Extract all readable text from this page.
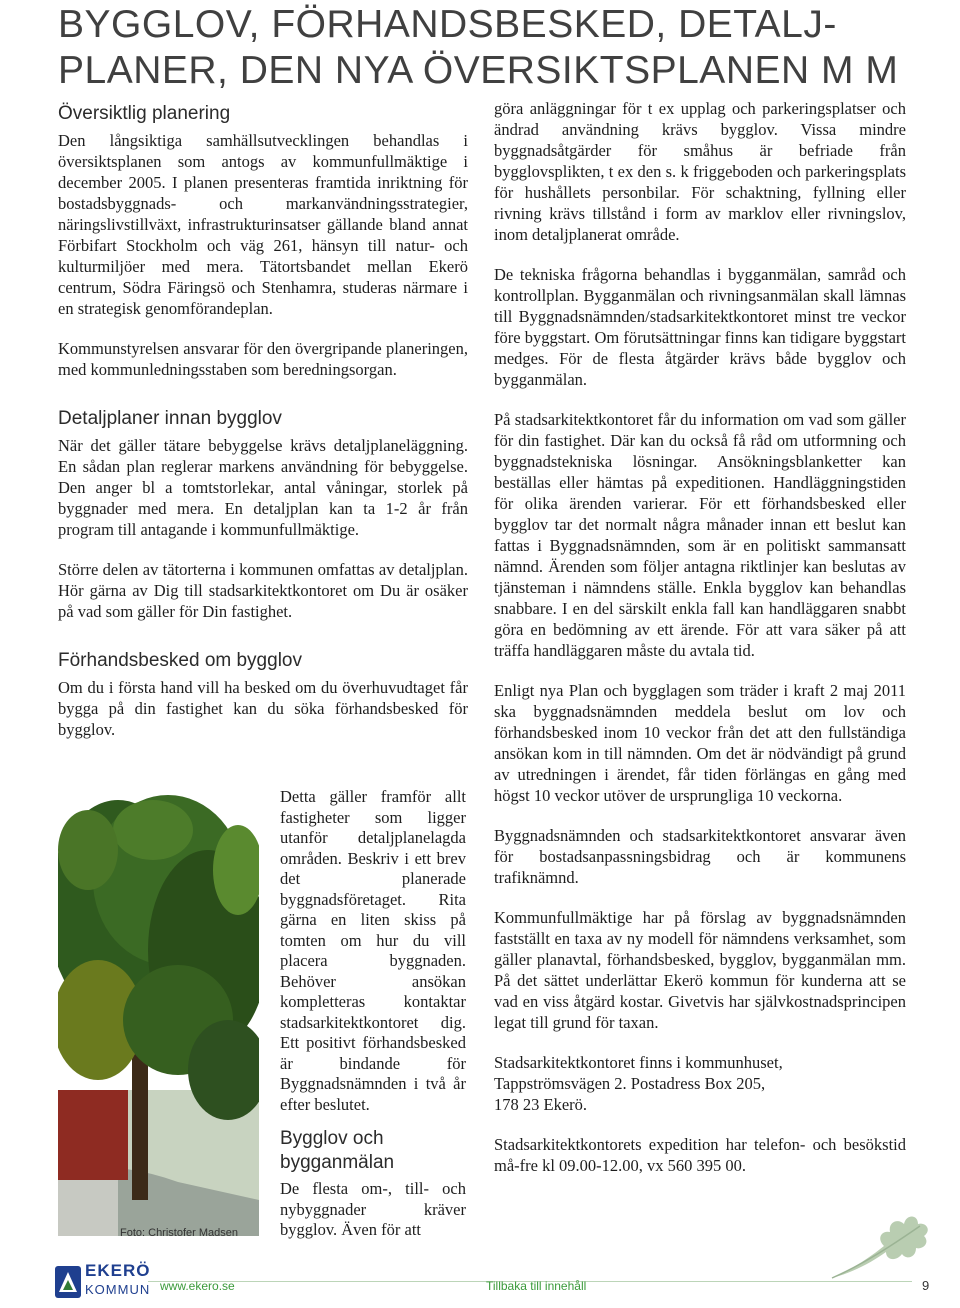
BYGGLOV, FÖRHANDSBESKED, DETALJ-
PLANER, DEN NYA ÖVERSIKTSPLANEN M M
Översiktlig planering

Den långsiktiga samhällsutvecklingen behandlas i översiktsplanen som antogs av kommunfullmäktige i december 2005. I planen presenteras framtida inriktning för bostadsbyggnads- och markanvändningsstrategier, näringslivstillväxt, infrastrukturinsatser gällande bland annat Förbifart Stockholm och väg 261, hänsyn till natur- och kulturmiljöer med mera. Tätortsbandet mellan Ekerö centrum, Södra Färingsö och Stenhamra, studeras närmare i en strategisk genomförandeplan.

Kommunstyrelsen ansvarar för den övergripande planeringen, med kommunledningsstaben som beredningsorgan.

Detaljplaner innan bygglov

När det gäller tätare bebyggelse krävs detaljplaneläggning. En sådan plan reglerar markens användning för bebyggelse. Den anger bl a tomtstorlekar, antal våningar, storlek på byggnader med mera. En detaljplan kan ta 1-2 år från program till antagande i kommunfullmäktige.

Större delen av tätorterna i kommunen omfattas av detaljplan. Hör gärna av Dig till stadsarkitektkontoret om Du är osäker på vad som gäller för Din fastighet.

Förhandsbesked om bygglov

Om du i första hand vill ha besked om du överhuvudtaget får bygga på din fastighet kan du söka förhandsbesked för bygglov.

Foto: Christofer Madsen

Detta gäller framför allt fastigheter som ligger utanför detaljplanelagda områden. Beskriv i ett brev det planerade byggnadsföretaget. Rita gärna en liten skiss på tomten om hur du vill placera byggnaden. Behöver ansökan kompletteras kontaktar stadsarkitektkontoret dig. Ett positivt förhandsbesked är bindande för Byggnadsnämnden i två år efter beslutet.

Bygglov och bygganmälan

De flesta om-, till- och nybyggnader kräver bygglov. Även för att

göra anläggningar för t ex upplag och parkeringsplatser och ändrad användning krävs bygglov. Vissa mindre byggnadsåtgärder för småhus är befriade från bygglovsplikten, t ex den s. k friggeboden och parkeringsplats för hushållets personbilar. För schaktning, fyllning eller rivning krävs tillstånd i form av marklov eller rivningslov, inom detaljplanerat område.

De tekniska frågorna behandlas i bygganmälan, samråd och kontrollplan. Bygganmälan och rivningsanmälan skall lämnas till Byggnadsnämnden/stadsarkitektkontoret minst tre veckor före byggstart. Om förutsättningar finns kan tidigare byggstart medges. För de flesta åtgärder krävs både bygglov och bygganmälan.

På stadsarkitektkontoret får du information om vad som gäller för din fastighet. Där kan du också få råd om utformning och byggnadstekniska lösningar. Ansökningsblanketter kan beställas eller hämtas på expeditionen. Handläggningstiden för olika ärenden varierar. För ett förhandsbesked eller bygglov tar det normalt några månader innan ett beslut kan fattas i Byggnadsnämnden, som är en politiskt sammansatt nämnd. Ärenden som följer antagna riktlinjer kan beslutas av tjänsteman i nämndens ställe. Enkla bygglov kan behandlas snabbare. I en del särskilt enkla fall kan handläggaren snabbt göra en bedömning av ett ärende. För att vara säker på att träffa handläggaren måste du avtala tid.

Enligt nya Plan och bygglagen som träder i kraft 2 maj 2011 ska byggnadsnämnden meddela beslut om lov och förhandsbesked inom 10 veckor från det att den fullständiga ansökan kom in till nämnden. Om det är nödvändigt på grund av utredningen i ärendet, får tiden förlängas en gång med högst 10 veckor utöver de ursprungliga 10 veckorna.

Byggnadsnämnden och stadsarkitektkontoret ansvarar även för bostadsanpassningsbidrag och är kommunens trafiknämnd.

Kommunfullmäktige har på förslag av byggnadsnämnden fastställt en taxa av ny modell för nämndens verksamhet, som gäller planavtal, förhandsbesked, bygglov, bygganmälan mm. På det sättet underlättar Ekerö kommun för kunderna att se vad en viss åtgärd kostar. Givetvis har självkostnadsprincipen legat till grund för taxan.

Stadsarkitektkontoret finns i kommunhuset,

Tappströmsvägen 2. Postadress Box 205,

178 23 Ekerö.

Stadsarkitektkontorets expedition har telefon- och besökstid må-fre kl 09.00-12.00, vx 560 395 00.

EKERÖ
KOMMUN www.ekero.se	Tillbaka till innehåll	9
